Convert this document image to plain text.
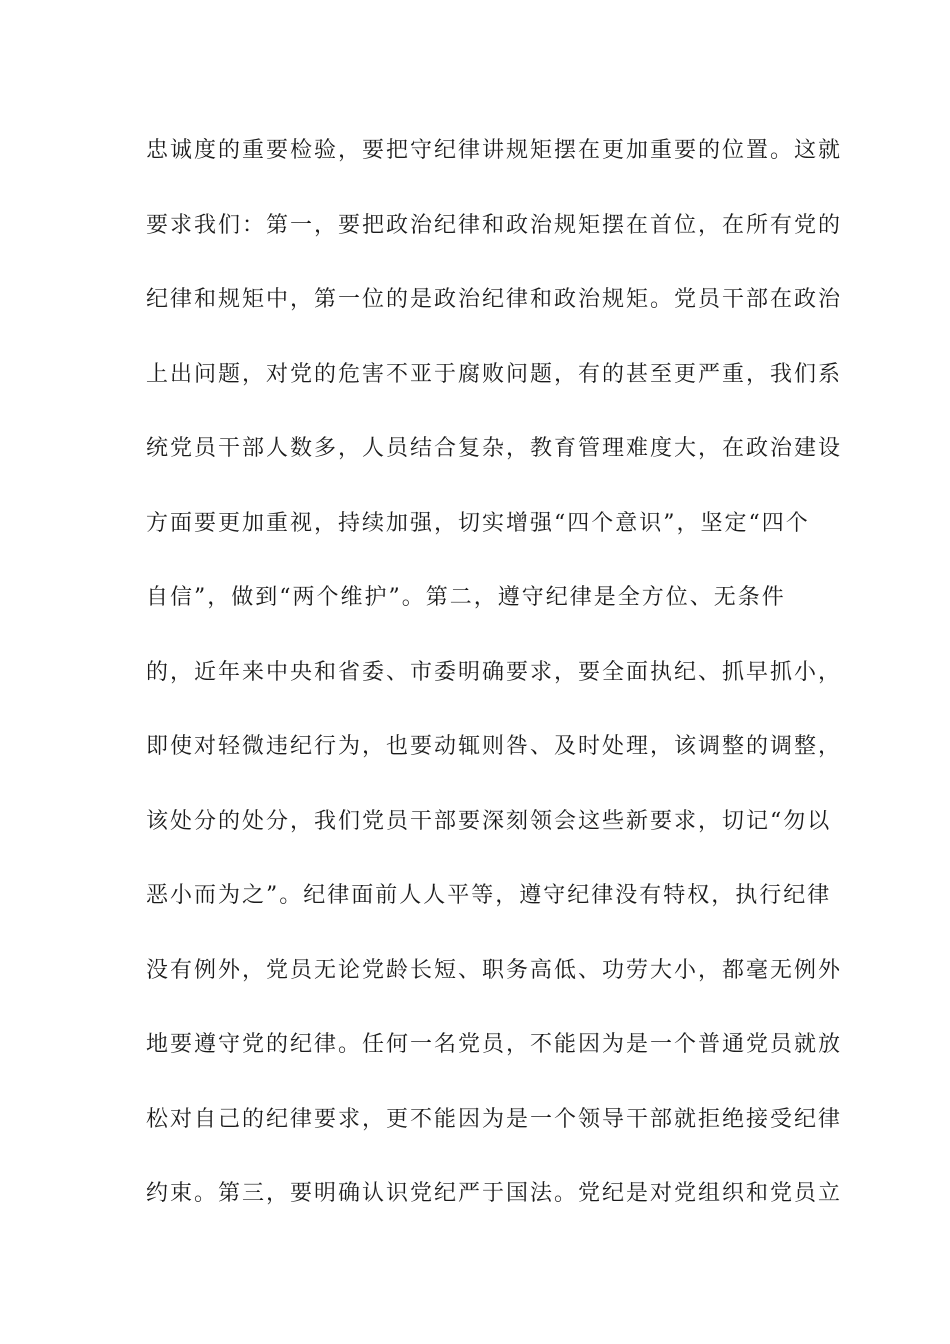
忠诚度的重要检验，要把守纪律讲规矩摆在更加重要的位置。这就
要求我们：第一，要把政治纪律和政治规矩摆在首位，在所有党的
纪律和规矩中，第一位的是政治纪律和政治规矩。党员干部在政治
上出问题，对党的危害不亚于腐败问题，有的甚至更严重，我们系
统党员干部人数多，人员结合复杂，教育管理难度大，在政治建设
方面要更加重视，持续加强，切实增强“四个意识”，坚定“四个
自信”，做到“两个维护”。第二，遵守纪律是全方位、无条件
的，近年来中央和省委、市委明确要求，要全面执纪、抓早抓小，
即使对轻微违纪行为，也要动辄则咎、及时处理，该调整的调整，
该处分的处分，我们党员干部要深刻领会这些新要求，切记“勿以
恶小而为之”。纪律面前人人平等，遵守纪律没有特权，执行纪律
没有例外，党员无论党龄长短、职务高低、功劳大小，都毫无例外
地要遵守党的纪律。任何一名党员，不能因为是一个普通党员就放
松对自己的纪律要求，更不能因为是一个领导干部就拒绝接受纪律
约束。第三，要明确认识党纪严于国法。党纪是对党组织和党员立
